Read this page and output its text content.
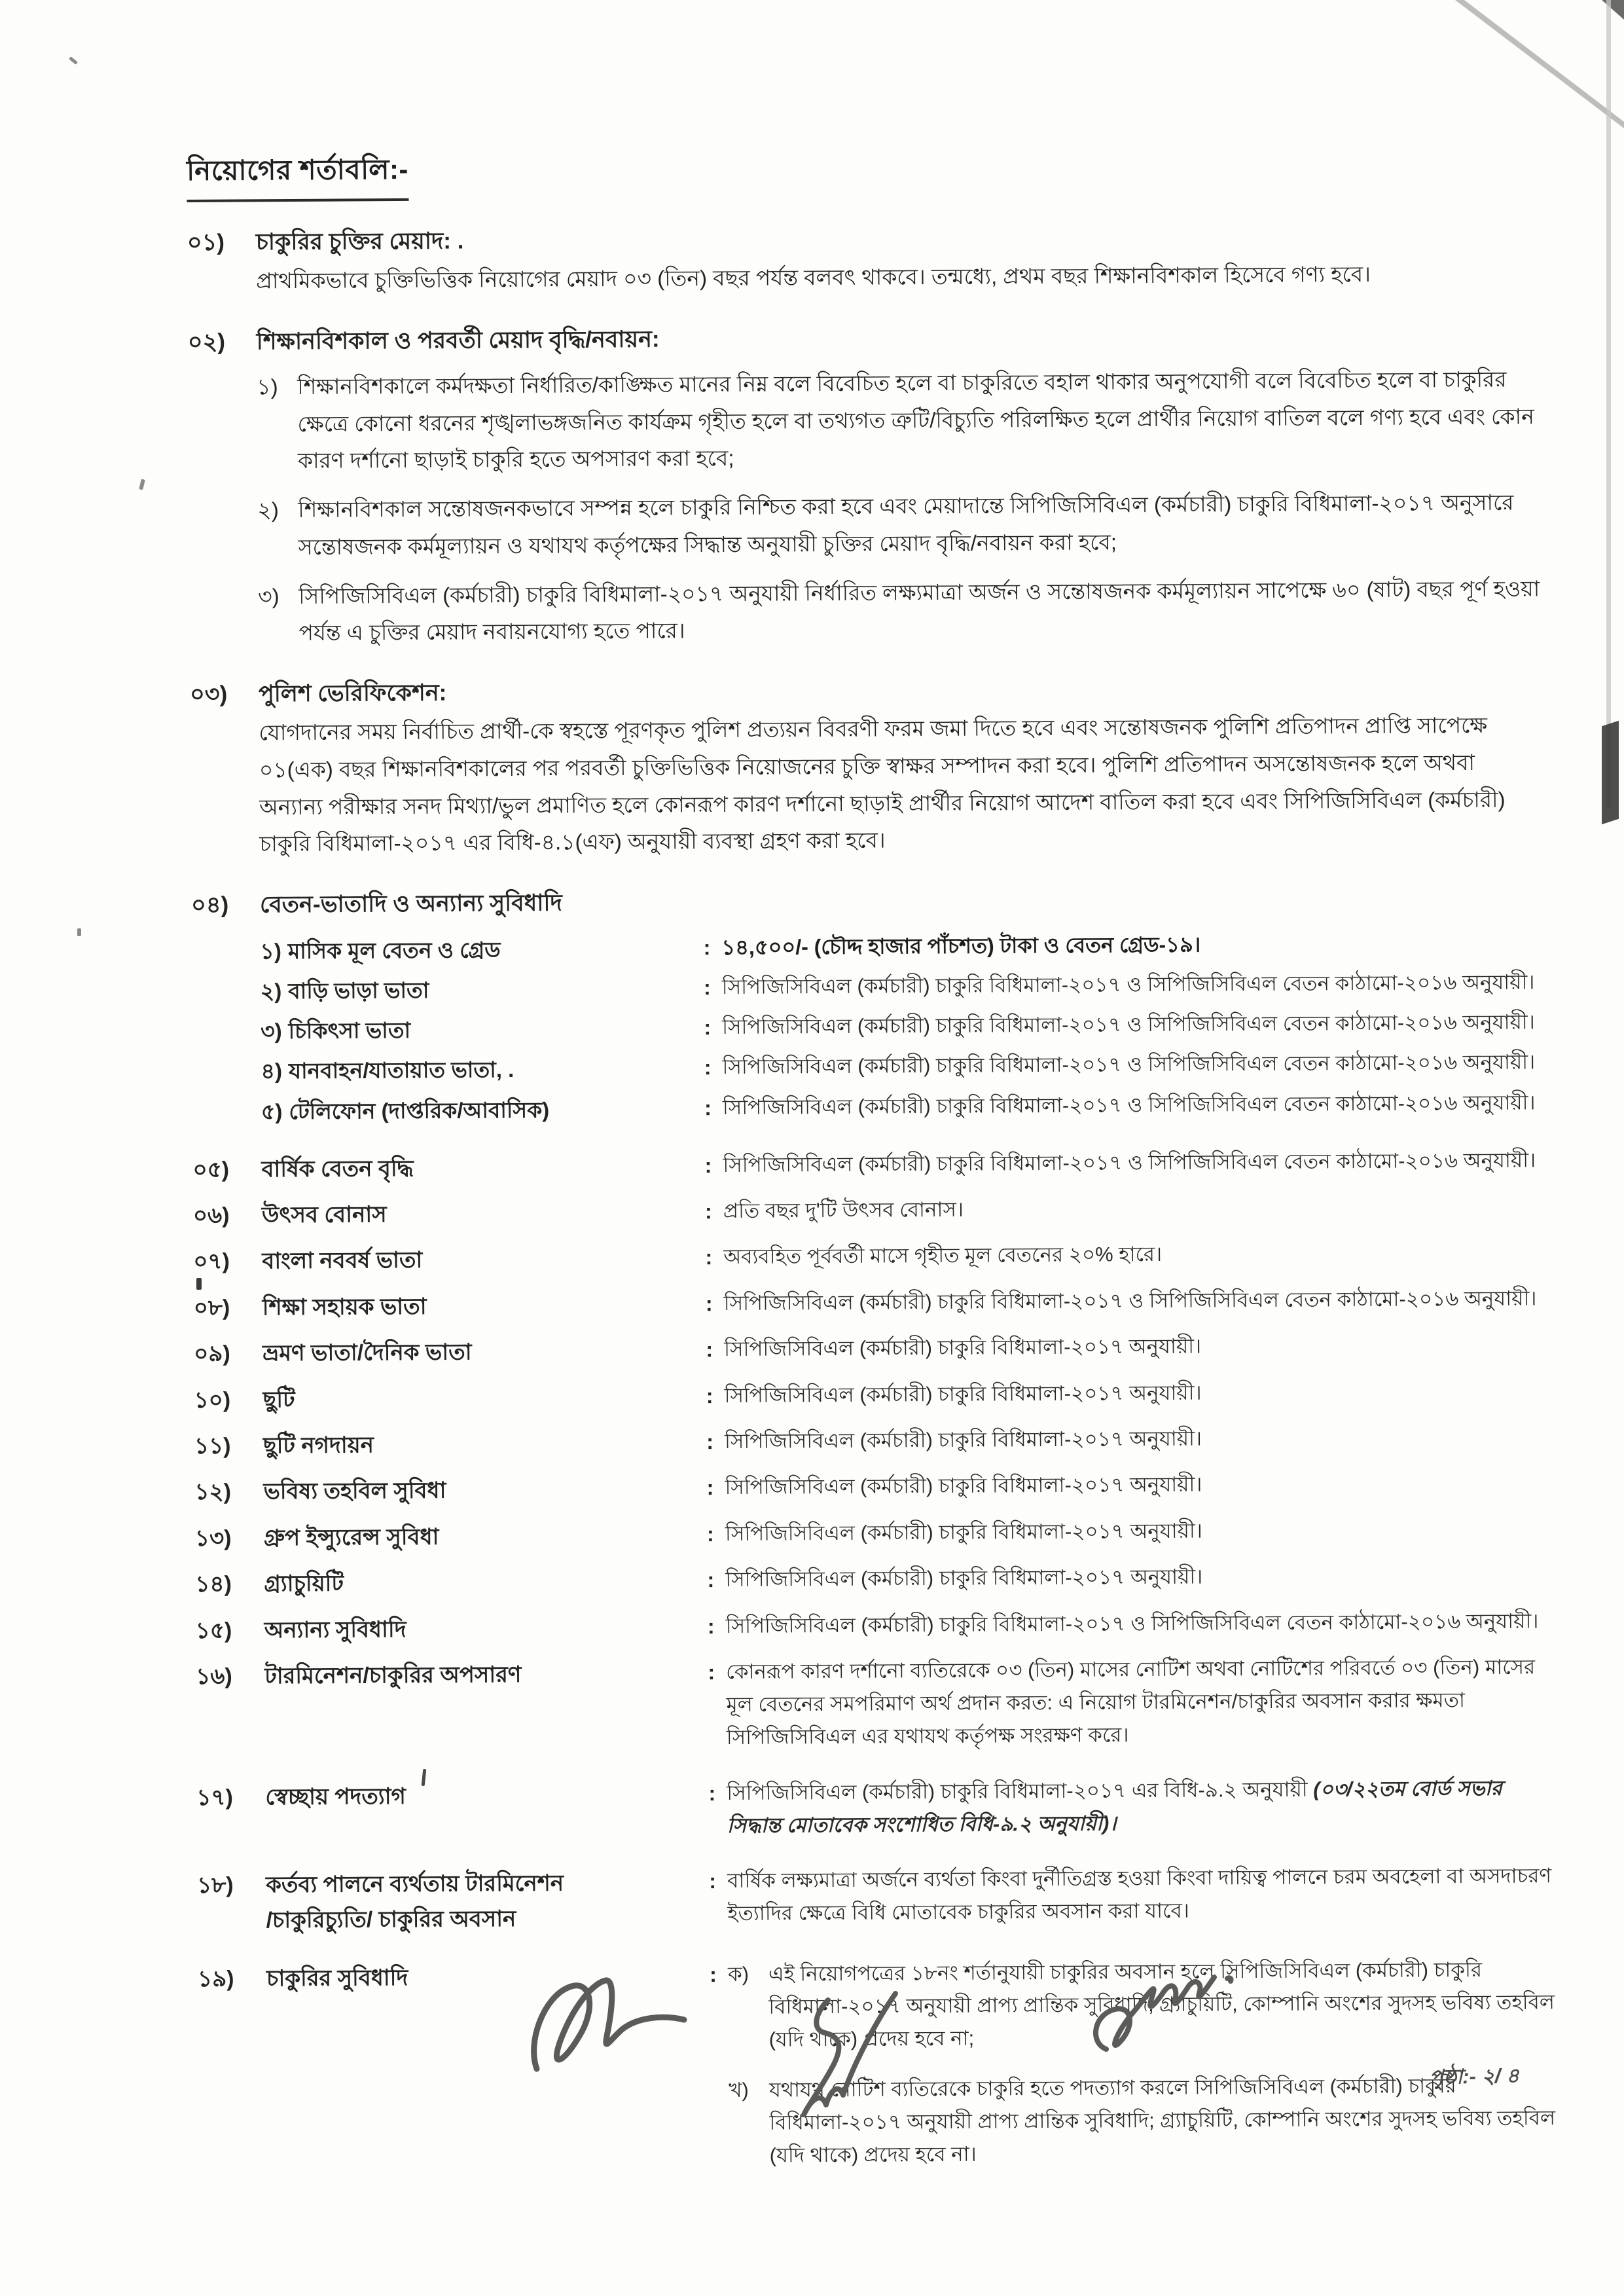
নিয়োগের শর্তাবলি:-
০১)	চাকুরির চুক্তির মেয়াদ: .
প্রাথমিকভাবে চুক্তিভিত্তিক নিয়োগের মেয়াদ ০৩ (তিন) বছর পর্যন্ত বলবৎ থাকবে। তন্মধ্যে, প্রথম বছর শিক্ষানবিশকাল হিসেবে গণ্য হবে।
০২)	শিক্ষানবিশকাল ও পরবর্তী মেয়াদ বৃদ্ধি/নবায়ন:
১) শিক্ষানবিশকালে কর্মদক্ষতা নির্ধারিত/কাঙ্ক্ষিত মানের নিম্ন বলে বিবেচিত হলে বা চাকুরিতে বহাল থাকার অনুপযোগী বলে বিবেচিত হলে বা চাকুরির ক্ষেত্রে কোনো ধরনের শৃঙ্খলাভঙ্গজনিত কার্যক্রম গৃহীত হলে বা তথ্যগত ত্রুটি/বিচ্যুতি পরিলক্ষিত হলে প্রার্থীর নিয়োগ বাতিল বলে গণ্য হবে এবং কোন কারণ দর্শানো ছাড়াই চাকুরি হতে অপসারণ করা হবে;
২) শিক্ষানবিশকাল সন্তোষজনকভাবে সম্পন্ন হলে চাকুরি নিশ্চিত করা হবে এবং মেয়াদান্তে সিপিজিসিবিএল (কর্মচারী) চাকুরি বিধিমালা-২০১৭ অনুসারে সন্তোষজনক কর্মমূল্যায়ন ও যথাযথ কর্তৃপক্ষের সিদ্ধান্ত অনুযায়ী চুক্তির মেয়াদ বৃদ্ধি/নবায়ন করা হবে;
৩) সিপিজিসিবিএল (কর্মচারী) চাকুরি বিধিমালা-২০১৭ অনুযায়ী নির্ধারিত লক্ষ্যমাত্রা অর্জন ও সন্তোষজনক কর্মমূল্যায়ন সাপেক্ষে ৬০ (ষাট) বছর পূর্ণ হওয়া পর্যন্ত এ চুক্তির মেয়াদ নবায়নযোগ্য হতে পারে।
০৩)	পুলিশ ভেরিফিকেশন:
যোগদানের সময় নির্বাচিত প্রার্থী-কে স্বহস্তে পূরণকৃত পুলিশ প্রত্যয়ন বিবরণী ফরম জমা দিতে হবে এবং সন্তোষজনক পুলিশি প্রতিপাদন প্রাপ্তি সাপেক্ষে ০১(এক) বছর শিক্ষানবিশকালের পর পরবর্তী চুক্তিভিত্তিক নিয়োজনের চুক্তি স্বাক্ষর সম্পাদন করা হবে। পুলিশি প্রতিপাদন অসন্তোষজনক হলে অথবা অন্যান্য পরীক্ষার সনদ মিথ্যা/ভুল প্রমাণিত হলে কোনরূপ কারণ দর্শানো ছাড়াই প্রার্থীর নিয়োগ আদেশ বাতিল করা হবে এবং সিপিজিসিবিএল (কর্মচারী) চাকুরি বিধিমালা-২০১৭ এর বিধি-৪.১(এফ) অনুযায়ী ব্যবস্থা গ্রহণ করা হবে।
০৪)	বেতন-ভাতাদি ও অন্যান্য সুবিধাদি
১) মাসিক মূল বেতন ও গ্রেড	: ১৪,৫০০/- (চৌদ্দ হাজার পাঁচশত) টাকা ও বেতন গ্রেড-১৯।
২) বাড়ি ভাড়া ভাতা	: সিপিজিসিবিএল (কর্মচারী) চাকুরি বিধিমালা-২০১৭ ও সিপিজিসিবিএল বেতন কাঠামো-২০১৬ অনুযায়ী।
৩) চিকিৎসা ভাতা	: সিপিজিসিবিএল (কর্মচারী) চাকুরি বিধিমালা-২০১৭ ও সিপিজিসিবিএল বেতন কাঠামো-২০১৬ অনুযায়ী।
৪) যানবাহন/যাতায়াত ভাতা, .	: সিপিজিসিবিএল (কর্মচারী) চাকুরি বিধিমালা-২০১৭ ও সিপিজিসিবিএল বেতন কাঠামো-২০১৬ অনুযায়ী।
৫) টেলিফোন (দাপ্তরিক/আবাসিক)	: সিপিজিসিবিএল (কর্মচারী) চাকুরি বিধিমালা-২০১৭ ও সিপিজিসিবিএল বেতন কাঠামো-২০১৬ অনুযায়ী।
০৫)	বার্ষিক বেতন বৃদ্ধি	: সিপিজিসিবিএল (কর্মচারী) চাকুরি বিধিমালা-২০১৭ ও সিপিজিসিবিএল বেতন কাঠামো-২০১৬ অনুযায়ী।
০৬)	উৎসব বোনাস	: প্রতি বছর দু'টি উৎসব বোনাস।
০৭)	বাংলা নববর্ষ ভাতা	: অব্যবহিত পূর্ববর্তী মাসে গৃহীত মূল বেতনের ২০% হারে।
০৮)	শিক্ষা সহায়ক ভাতা	: সিপিজিসিবিএল (কর্মচারী) চাকুরি বিধিমালা-২০১৭ ও সিপিজিসিবিএল বেতন কাঠামো-২০১৬ অনুযায়ী।
০৯)	ভ্রমণ ভাতা/দৈনিক ভাতা	: সিপিজিসিবিএল (কর্মচারী) চাকুরি বিধিমালা-২০১৭ অনুযায়ী।
১০)	ছুটি	: সিপিজিসিবিএল (কর্মচারী) চাকুরি বিধিমালা-২০১৭ অনুযায়ী।
১১)	ছুটি নগদায়ন	: সিপিজিসিবিএল (কর্মচারী) চাকুরি বিধিমালা-২০১৭ অনুযায়ী।
১২)	ভবিষ্য তহবিল সুবিধা	: সিপিজিসিবিএল (কর্মচারী) চাকুরি বিধিমালা-২০১৭ অনুযায়ী।
১৩)	গ্রুপ ইন্স্যুরেন্স সুবিধা	: সিপিজিসিবিএল (কর্মচারী) চাকুরি বিধিমালা-২০১৭ অনুযায়ী।
১৪)	গ্র্যাচুয়িটি	: সিপিজিসিবিএল (কর্মচারী) চাকুরি বিধিমালা-২০১৭ অনুযায়ী।
১৫)	অন্যান্য সুবিধাদি	: সিপিজিসিবিএল (কর্মচারী) চাকুরি বিধিমালা-২০১৭ ও সিপিজিসিবিএল বেতন কাঠামো-২০১৬ অনুযায়ী।
১৬)	টারমিনেশন/চাকুরির অপসারণ	: কোনরূপ কারণ দর্শানো ব্যতিরেকে ০৩ (তিন) মাসের নোটিশ অথবা নোটিশের পরিবর্তে ০৩ (তিন) মাসের মূল বেতনের সমপরিমাণ অর্থ প্রদান করত: এ নিয়োগ টারমিনেশন/চাকুরির অবসান করার ক্ষমতা সিপিজিসিবিএল এর যথাযথ কর্তৃপক্ষ সংরক্ষণ করে।
১৭)	স্বেচ্ছায় পদত্যাগ	: সিপিজিসিবিএল (কর্মচারী) চাকুরি বিধিমালা-২০১৭ এর বিধি-৯.২ অনুযায়ী (০৩/২২তম বোর্ড সভার সিদ্ধান্ত মোতাবেক সংশোধিত বিধি-৯.২ অনুযায়ী)।
১৮)	কর্তব্য পালনে ব্যর্থতায় টারমিনেশন
/চাকুরিচ্যুতি/ চাকুরির অবসান
: বার্ষিক লক্ষ্যমাত্রা অর্জনে ব্যর্থতা কিংবা দুর্নীতিগ্রস্ত হওয়া কিংবা দায়িত্ব পালনে চরম অবহেলা বা অসদাচরণ ইত্যাদির ক্ষেত্রে বিধি মোতাবেক চাকুরির অবসান করা যাবে।
১৯)	চাকুরির সুবিধাদি	: ক) এই নিয়োগপত্রের ১৮নং শর্তানুযায়ী চাকুরির অবসান হলে সিপিজিসিবিএল (কর্মচারী) চাকুরি বিধিমালা-২০১৭ অনুযায়ী প্রাপ্য প্রান্তিক সুবিধাদি; গ্র্যাচুয়িটি, কোম্পানি অংশের সুদসহ ভবিষ্য তহবিল (যদি থাকে) প্রদেয় হবে না;
খ)	যথাযথ নোটিশ ব্যতিরেকে চাকুরি হতে পদত্যাগ করলে সিপিজিসিবিএল (কর্মচারী) চাকুরি বিধিমালা-২০১৭ অনুযায়ী প্রাপ্য প্রান্তিক সুবিধাদি; গ্র্যাচুয়িটি, কোম্পানি অংশের সুদসহ ভবিষ্য তহবিল (যদি থাকে) প্রদেয় হবে না।
পৃষ্ঠা:- ২/ ৪
